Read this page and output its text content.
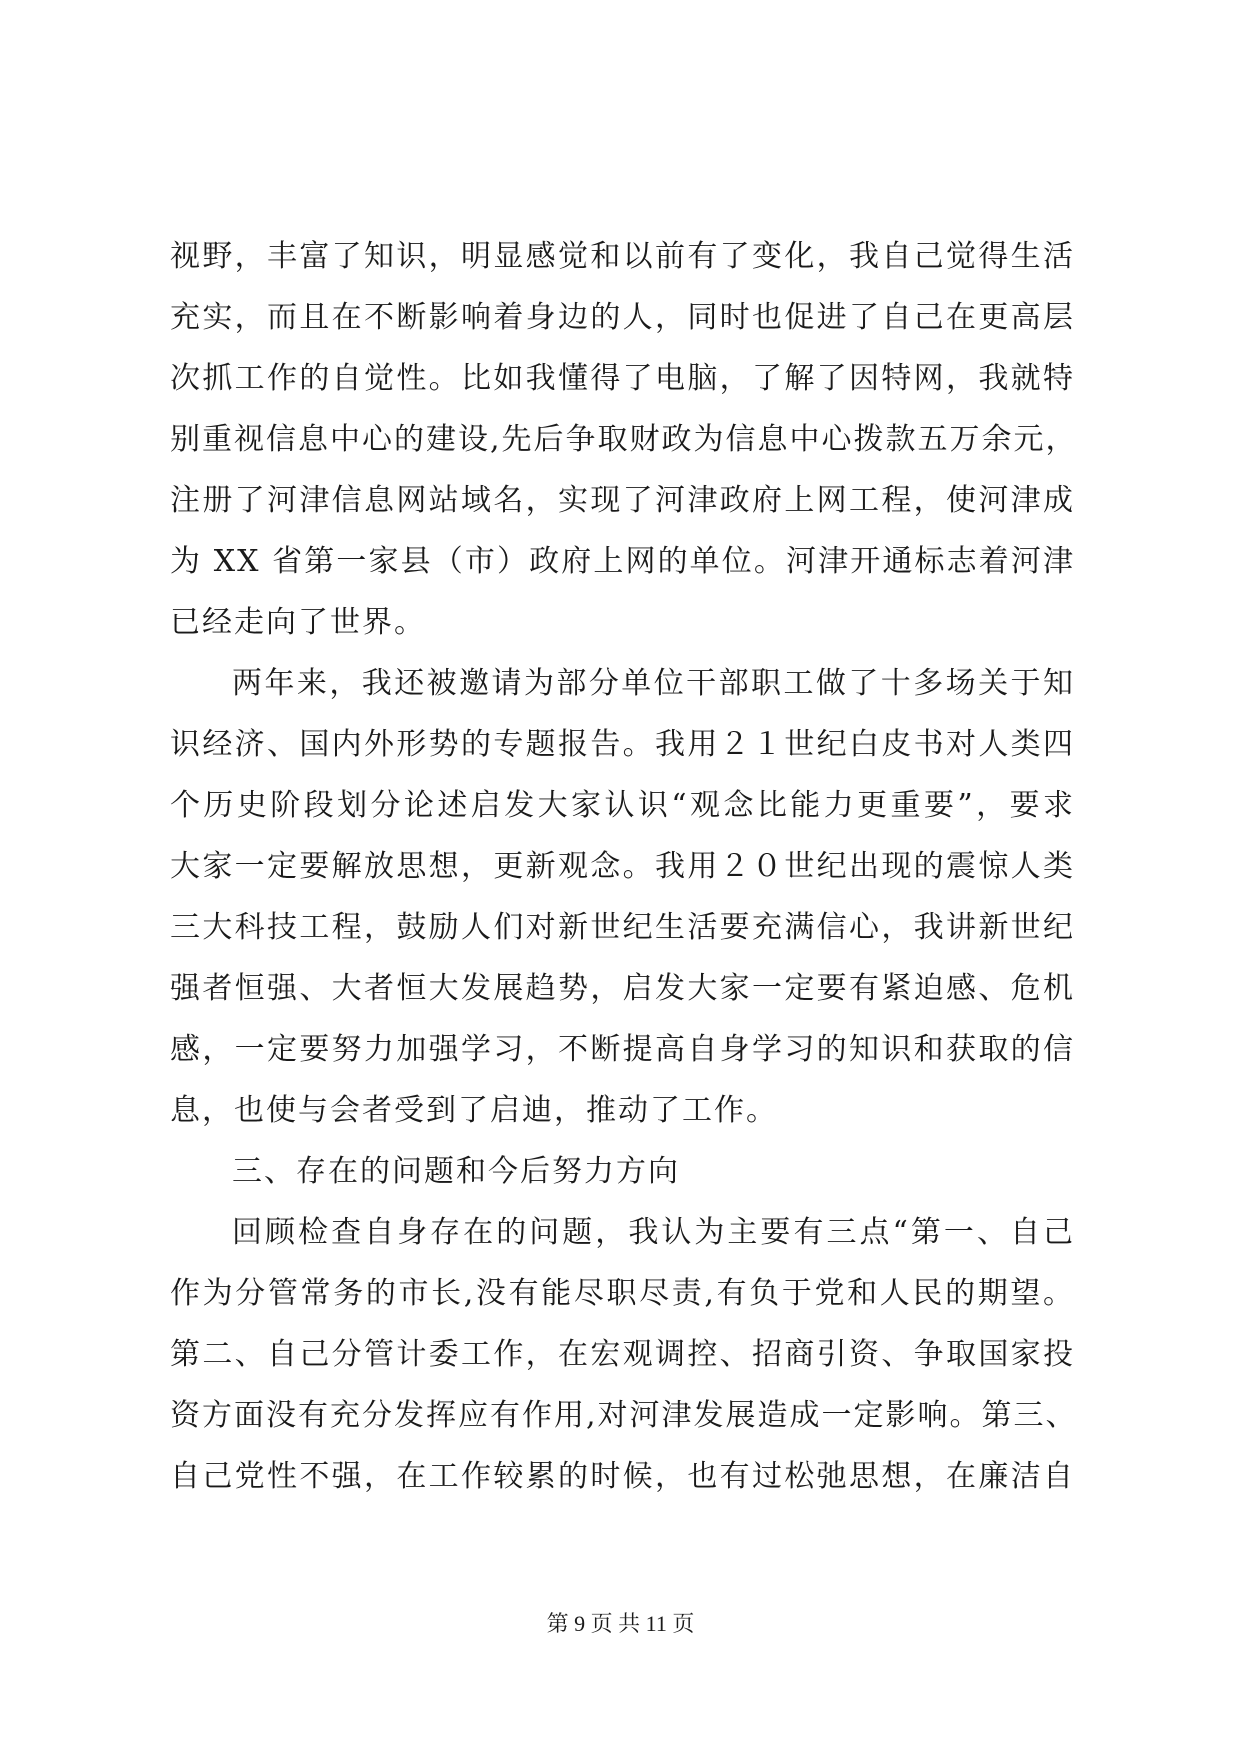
视野，丰富了知识，明显感觉和以前有了变化，我自己觉得生活
充实，而且在不断影响着身边的人，同时也促进了自己在更高层
次抓工作的自觉性。比如我懂得了电脑，了解了因特网，我就特
别重视信息中心的建设,先后争取财政为信息中心拨款五万余元，
注册了河津信息网站域名，实现了河津政府上网工程，使河津成
为 XX 省第一家县（市）政府上网的单位。河津开通标志着河津
已经走向了世界。
两年来，我还被邀请为部分单位干部职工做了十多场关于知
识经济、国内外形势的专题报告。我用２１世纪白皮书对人类四
个历史阶段划分论述启发大家认识“观念比能力更重要”，要求
大家一定要解放思想，更新观念。我用２０世纪出现的震惊人类
三大科技工程，鼓励人们对新世纪生活要充满信心，我讲新世纪
强者恒强、大者恒大发展趋势，启发大家一定要有紧迫感、危机
感，一定要努力加强学习，不断提高自身学习的知识和获取的信
息，也使与会者受到了启迪，推动了工作。
三、存在的问题和今后努力方向
回顾检查自身存在的问题，我认为主要有三点“第一、自己
作为分管常务的市长,没有能尽职尽责,有负于党和人民的期望。
第二、自己分管计委工作，在宏观调控、招商引资、争取国家投
资方面没有充分发挥应有作用,对河津发展造成一定影响。第三、
自己党性不强，在工作较累的时候，也有过松弛思想，在廉洁自
第 9 页 共 11 页
